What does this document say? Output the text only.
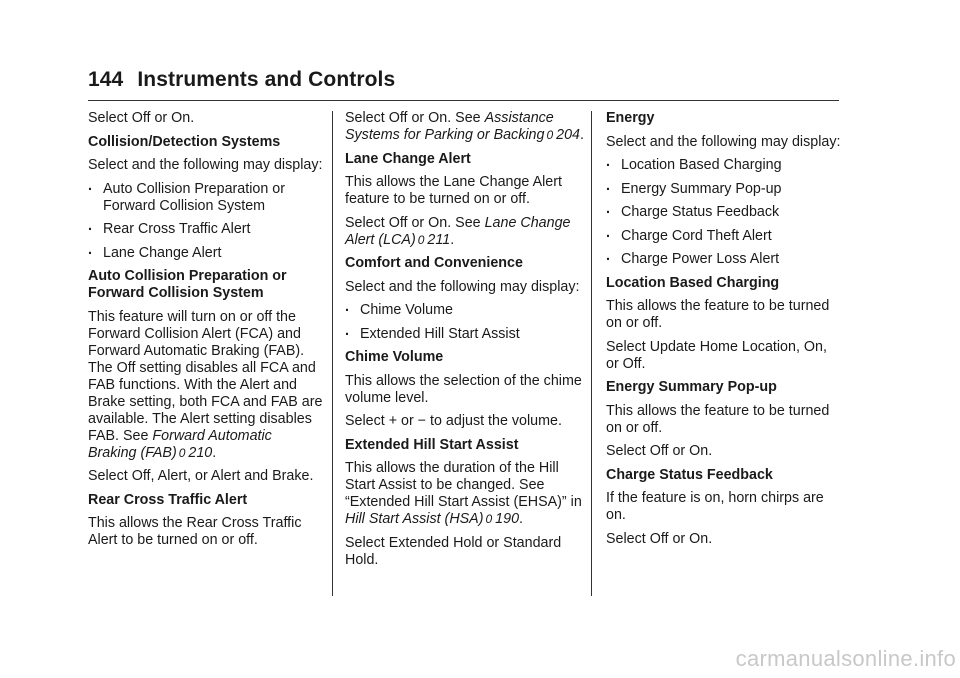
144 Instruments and Controls

Select Off or On.

Collision/Detection Systems

Select and the following may display:

. Auto Collision Preparation or Forward Collision System

. Rear Cross Traffic Alert

. Lane Change Alert

Auto Collision Preparation or Forward Collision System

This feature will turn on or off the Forward Collision Alert (FCA) and Forward Automatic Braking (FAB). The Off setting disables all FCA and FAB functions. With the Alert and Brake setting, both FCA and FAB are available. The Alert setting disables FAB. See Forward Automatic Braking (FAB) 0 210.

Select Off, Alert, or Alert and Brake.

Rear Cross Traffic Alert

This allows the Rear Cross Traffic Alert to be turned on or off.

Select Off or On. See Assistance Systems for Parking or Backing 0 204.

Lane Change Alert

This allows the Lane Change Alert feature to be turned on or off.

Select Off or On. See Lane Change Alert (LCA) 0 211.

Comfort and Convenience

Select and the following may display:

. Chime Volume

. Extended Hill Start Assist

Chime Volume

This allows the selection of the chime volume level.

Select + or − to adjust the volume.

Extended Hill Start Assist

This allows the duration of the Hill Start Assist to be changed. See “Extended Hill Start Assist (EHSA)” in Hill Start Assist (HSA) 0 190.

Select Extended Hold or Standard Hold.

Energy

Select and the following may display:

. Location Based Charging

. Energy Summary Pop-up

. Charge Status Feedback

. Charge Cord Theft Alert

. Charge Power Loss Alert

Location Based Charging

This allows the feature to be turned on or off.

Select Update Home Location, On, or Off.

Energy Summary Pop-up

This allows the feature to be turned on or off.

Select Off or On.

Charge Status Feedback

If the feature is on, horn chirps are on.

Select Off or On.

carmanualsonline.info
